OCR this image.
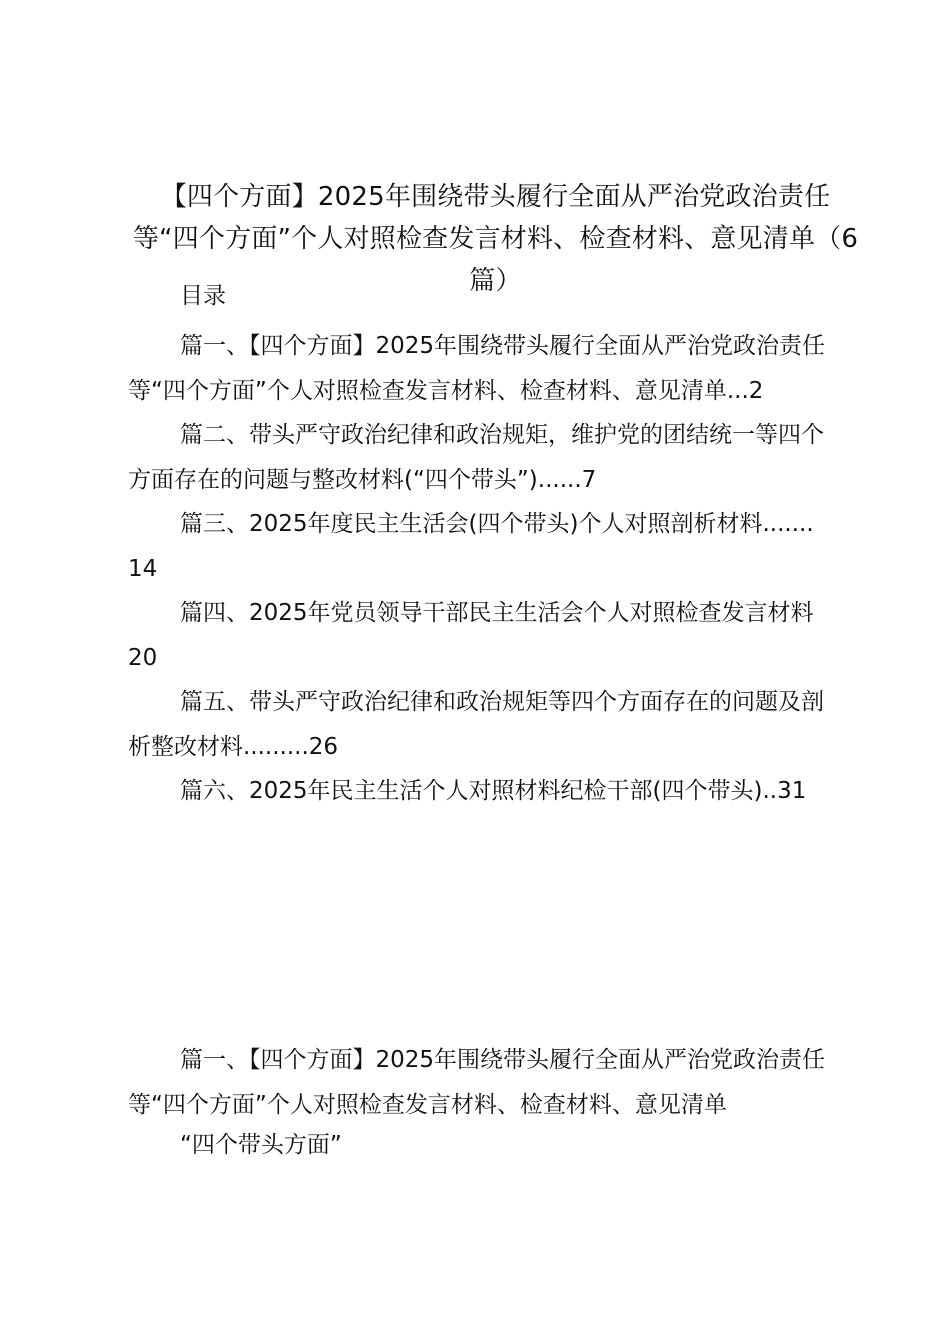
【四个方面】2025年围绕带头履行全面从严治党政治责任等“四个方面”个人对照检查发言材料、检查材料、意见清单（6篇）
目录

篇一、【四个方面】2025年围绕带头履行全面从严治党政治责任等“四个方面”个人对照检查发言材料、检查材料、意见清单...2

篇二、带头严守政治纪律和政治规矩，维护党的团结统一等四个方面存在的问题与整改材料(“四个带头”)......7

篇三、2025年度民主生活会(四个带头)个人对照剖析材料.......14

篇四、2025年党员领导干部民主生活会个人对照检查发言材料20

篇五、带头严守政治纪律和政治规矩等四个方面存在的问题及剖析整改材料.........26

篇六、2025年民主生活个人对照材料纪检干部(四个带头)..31

篇一、【四个方面】2025年围绕带头履行全面从严治党政治责任等“四个方面”个人对照检查发言材料、检查材料、意见清单
“四个带头方面”
